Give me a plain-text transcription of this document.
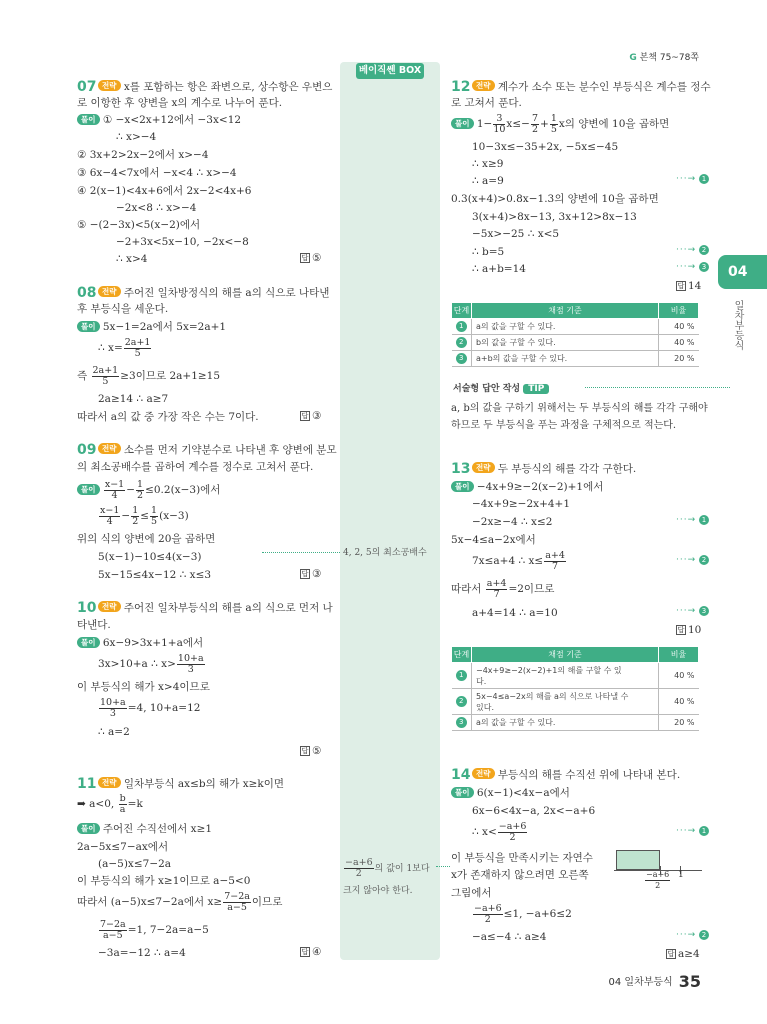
G 본책 75~78쪽
베이직쎈 BOX
4, 2, 5의 최소공배수
$\frac{-a+6}{2}$ 의 값이 1보다
크지 않아야 한다.
04
일차부등식
07 전략 x를 포함하는 항은 좌변으로, 상수항은 우변으
로 이항한 후 양변을 x의 계수로 나누어 푼다.
풀이 ① −x<2x+12에서 −3x<12
∴ x>−4
② 3x+2>2x−2에서 x>−4
③ 6x−4<7x에서 −x<4 ∴ x>−4
④ 2(x−1)<4x+6에서 2x−2<4x+6
−2x<8 ∴ x>−4
⑤ −(2−3x)<5(x−2)에서
−2+3x<5x−10, −2x<−8
∴ x>4	답 ⑤
08 전략 주어진 일차방정식의 해를 a의 식으로 나타낸
후 부등식을 세운다.
풀이 5x−1=2a에서 5x=2a+1
∴ $x= \frac{2a+1}{5}$
즉 $\frac{2a+1}{5} \ge 3$이므로 2a+1≥15
2a≥14 ∴ a≥7
따라서 a의 값 중 가장 작은 수는 7이다.	답 ③
09 전략 소수를 먼저 기약분수로 나타낸 후 양변에 분모
의 최소공배수를 곱하여 계수를 정수로 고쳐서 푼다.
풀이 $\frac{x-1}{4} - \frac{1}{2} \le 0.2(x-3)$에서
$\frac{x-1}{4} - \frac{1}{2} \le \frac{1}{5} (x-3)$
위의 식의 양변에 20을 곱하면
5(x−1)−10≤4(x−3)
5x−15≤4x−12 ∴ x≤3	답 ③
10 전략 주어진 일차부등식의 해를 a의 식으로 먼저 나
타낸다.
풀이 6x−9>3x+1+a에서
3x>10+a ∴ $x> \frac{10+a}{3}$
이 부등식의 해가 x>4이므로
$\frac{10+a}{3} =4$, 10+a=12
∴ a=2
답 ⑤
11 전략 일차부등식 ax≤b의 해가 x≥k이면
➡ a<0, $\frac{b}{a} =k$
풀이 주어진 수직선에서 x≥1
2a−5x≤7−ax에서
(a−5)x≤7−2a
이 부등식의 해가 x≥1이므로 a−5<0
따라서 (a−5)x≤7−2a에서 $x\ge \frac{7-2a}{a-5}$ 이므로
$\frac{7-2a}{a-5} =1$, 7−2a=a−5
−3a=−12 ∴ a=4	답 ④
12 전략 계수가 소수 또는 분수인 부등식은 계수를 정수
로 고쳐서 푼다.
풀이 $1- \frac{3}{10} x\le- \frac{7}{2} + \frac{1}{5}$ x의 양변에 10을 곱하면
10−3x≤−35+2x, −5x≤−45
∴ x≥9
∴ a=9	···→ 1
0.3(x+4)>0.8x−1.3의 양변에 10을 곱하면
3(x+4)>8x−13, 3x+12>8x−13
−5x>−25 ∴ x<5
∴ b=5	···→ 2
∴ a+b=14	···→ 3
답 14
단계	채점 기준	비율
1	a의 값을 구할 수 있다.	40 %
2	b의 값을 구할 수 있다.	40 %
3	a+b의 값을 구할 수 있다.	20 %
서술형 답안 작성 TIP
a, b의 값을 구하기 위해서는 두 부등식의 해를 각각 구해야
하므로 두 부등식을 푸는 과정을 구체적으로 적는다.
13 전략 두 부등식의 해를 각각 구한다.
풀이 −4x+9≥−2(x−2)+1에서
−4x+9≥−2x+4+1
−2x≥−4 ∴ x≤2	···→ 1
5x−4≤a−2x에서
7x≤a+4 ∴ $x\le \frac{a+4}{7}$	···→ 2
따라서 $\frac{a+4}{7} =2$이므로
a+4=14 ∴ a=10	···→ 3
답 10
단계	채점 기준	비율
1	−4x+9≥−2(x−2)+1의 해를 구할 수 있
다.	40 %
2	5x−4≤a−2x의 해를 a의 식으로 나타낼 수
있다.	40 %
3	a의 값을 구할 수 있다.	20 %
14 전략 부등식의 해를 수직선 위에 나타내 본다.
풀이 6(x−1)<4x−a에서
6x−6<4x−a, 2x<−a+6
∴ $x< \frac{-a+6}{2}$	···→ 1
이 부등식을 만족시키는 자연수
x가 존재하지 않으려면 오른쪽
그림에서
$\frac{-a+6}{2} 1$
$\frac{-a+6}{2} \le 1$, −a+6≤2
−a≤−4 ∴ a≥4	···→ 2
답 a≥4
04 일차부등식 35
